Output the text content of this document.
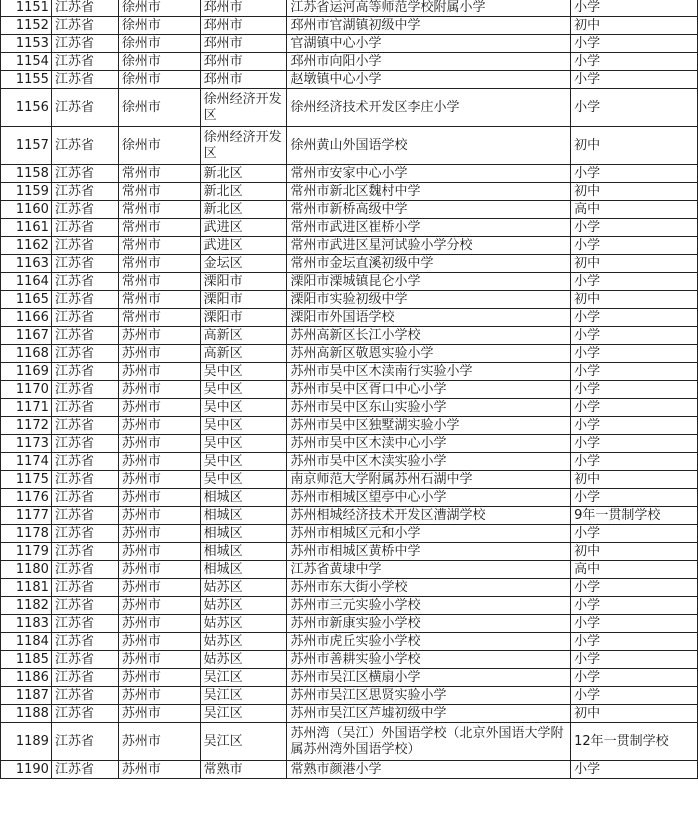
1151	江苏省	徐州市	邳州市	江苏省运河高等师范学校附属小学	小学
1152	江苏省	徐州市	邳州市	邳州市官湖镇初级中学	初中
1153	江苏省	徐州市	邳州市	官湖镇中心小学	小学
1154	江苏省	徐州市	邳州市	邳州市向阳小学	小学
1155	江苏省	徐州市	邳州市	赵墩镇中心小学	小学
1156	江苏省	徐州市	徐州经济开发区	徐州经济技术开发区李庄小学	小学
1157	江苏省	徐州市	徐州经济开发区	徐州黄山外国语学校	初中
1158	江苏省	常州市	新北区	常州市安家中心小学	小学
1159	江苏省	常州市	新北区	常州市新北区魏村中学	初中
1160	江苏省	常州市	新北区	常州市新桥高级中学	高中
1161	江苏省	常州市	武进区	常州市武进区崔桥小学	小学
1162	江苏省	常州市	武进区	常州市武进区星河试验小学分校	小学
1163	江苏省	常州市	金坛区	常州市金坛直溪初级中学	初中
1164	江苏省	常州市	溧阳市	溧阳市溧城镇昆仑小学	小学
1165	江苏省	常州市	溧阳市	溧阳市实验初级中学	初中
1166	江苏省	常州市	溧阳市	溧阳市外国语学校	小学
1167	江苏省	苏州市	高新区	苏州高新区长江小学校	小学
1168	江苏省	苏州市	高新区	苏州高新区敬恩实验小学	小学
1169	江苏省	苏州市	吴中区	苏州市吴中区木渎南行实验小学	小学
1170	江苏省	苏州市	吴中区	苏州市吴中区胥口中心小学	小学
1171	江苏省	苏州市	吴中区	苏州市吴中区东山实验小学	小学
1172	江苏省	苏州市	吴中区	苏州市吴中区独墅湖实验小学	小学
1173	江苏省	苏州市	吴中区	苏州市吴中区木渎中心小学	小学
1174	江苏省	苏州市	吴中区	苏州市吴中区木渎实验小学	小学
1175	江苏省	苏州市	吴中区	南京师范大学附属苏州石湖中学	初中
1176	江苏省	苏州市	相城区	苏州市相城区望亭中心小学	小学
1177	江苏省	苏州市	相城区	苏州相城经济技术开发区漕湖学校	9年一贯制学校
1178	江苏省	苏州市	相城区	苏州市相城区元和小学	小学
1179	江苏省	苏州市	相城区	苏州市相城区黄桥中学	初中
1180	江苏省	苏州市	相城区	江苏省黄埭中学	高中
1181	江苏省	苏州市	姑苏区	苏州市东大街小学校	小学
1182	江苏省	苏州市	姑苏区	苏州市三元实验小学校	小学
1183	江苏省	苏州市	姑苏区	苏州市新康实验小学校	小学
1184	江苏省	苏州市	姑苏区	苏州市虎丘实验小学校	小学
1185	江苏省	苏州市	姑苏区	苏州市善耕实验小学校	小学
1186	江苏省	苏州市	吴江区	苏州市吴江区横扇小学	小学
1187	江苏省	苏州市	吴江区	苏州市吴江区思贤实验小学	小学
1188	江苏省	苏州市	吴江区	苏州市吴江区芦墟初级中学	初中
1189	江苏省	苏州市	吴江区	苏州湾（吴江）外国语学校（北京外国语大学附属苏州湾外国语学校）	12年一贯制学校
1190	江苏省	苏州市	常熟市	常熟市颜港小学	小学
